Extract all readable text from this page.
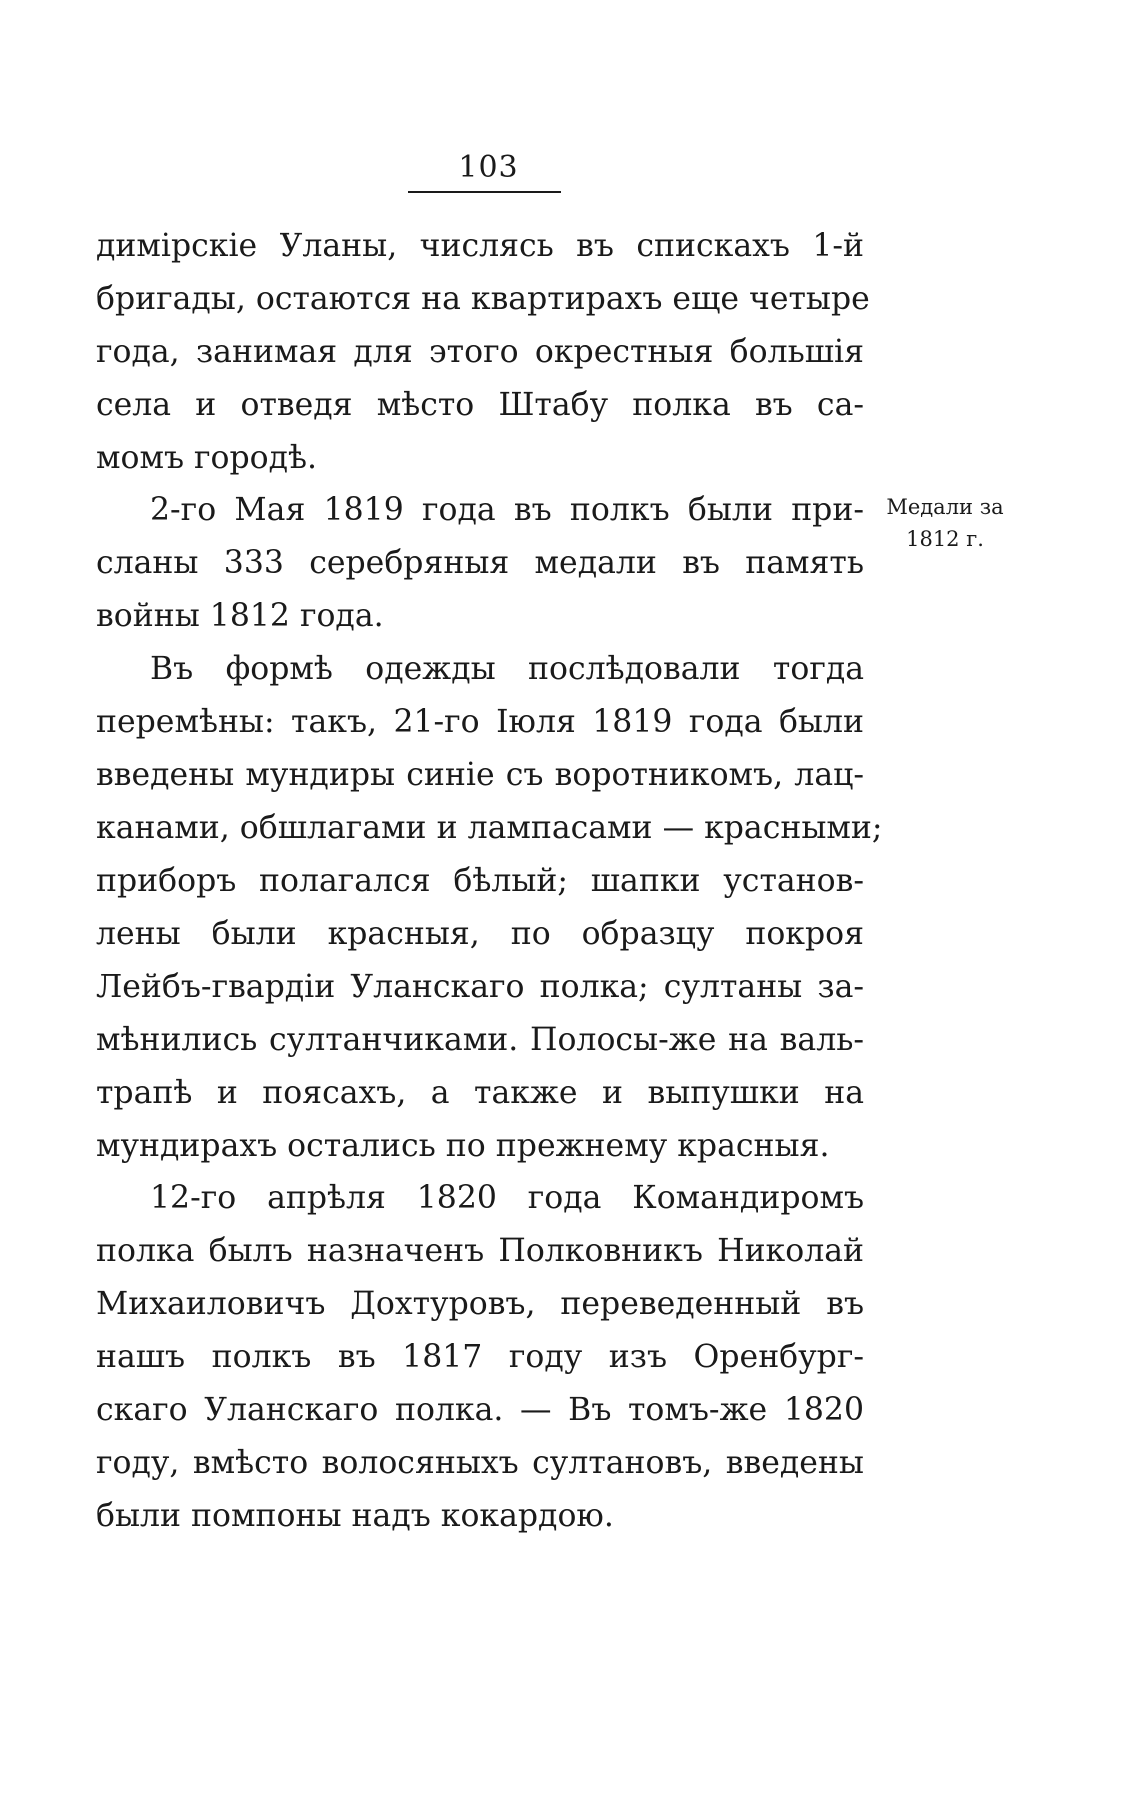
103
димірскіе Уланы, числясь въ спискахъ 1-й
бригады, остаются на квартирахъ еще четыре
года, занимая для этого окрестныя большія
села и отведя мѣсто Штабу полка въ са-
момъ городѣ.
2-го Мая 1819 года въ полкъ были при-
сланы 333 серебряныя медали въ память
войны 1812 года.
Медали за
1812 г.
Въ формѣ одежды послѣдовали тогда
перемѣны: такъ, 21-го Іюля 1819 года были
введены мундиры синіе съ воротникомъ, лац-
канами, обшлагами и лампасами — красными;
приборъ полагался бѣлый; шапки установ-
лены были красныя, по образцу покроя
Лейбъ-гвардіи Уланскаго полка; султаны за-
мѣнились султанчиками. Полосы-же на валь-
трапѣ и поясахъ, а также и выпушки на
мундирахъ остались по прежнему красныя.
12-го апрѣля 1820 года Командиромъ
полка былъ назначенъ Полковникъ Николай
Михаиловичъ Дохтуровъ, переведенный въ
нашъ полкъ въ 1817 году изъ Оренбург-
скаго Уланскаго полка. — Въ томъ-же 1820
году, вмѣсто волосяныхъ султановъ, введены
были помпоны надъ кокардою.
